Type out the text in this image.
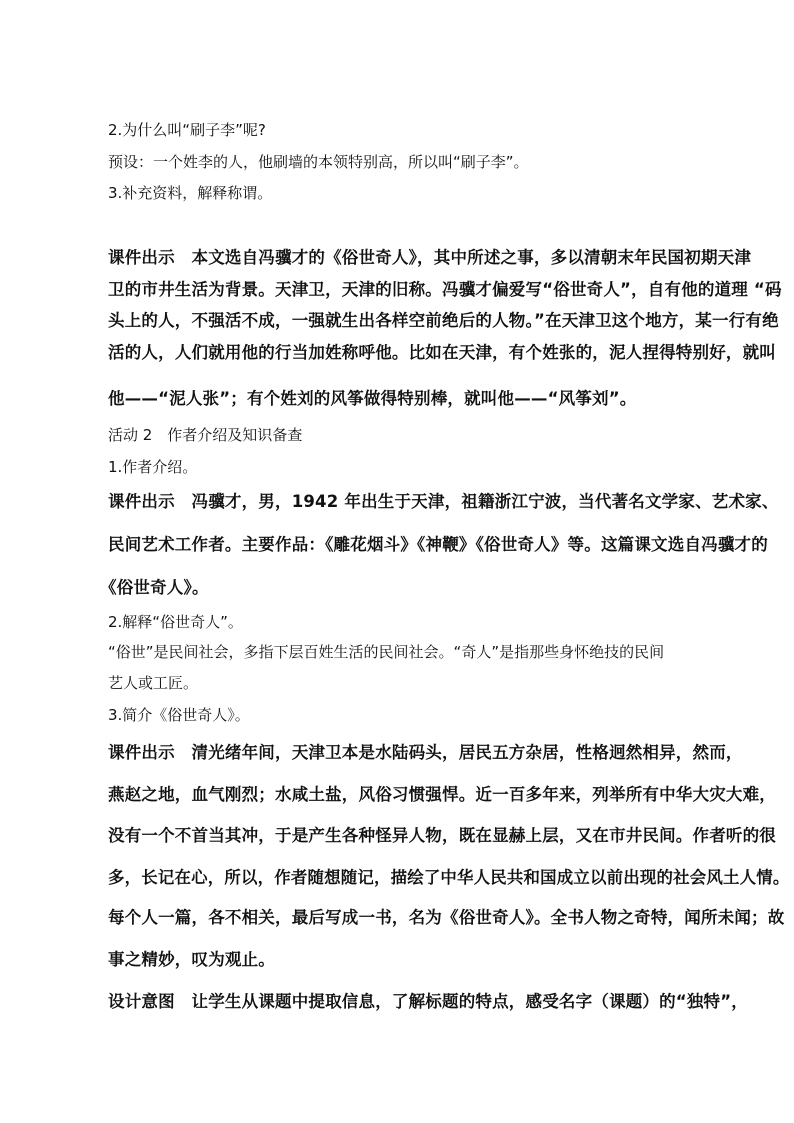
2.为什么叫“刷子李”呢?
预设：一个姓李的人，他刷墙的本领特别高，所以叫“刷子李”。
3.补充资料，解释称谓。
课件出示　本文选自冯骥才的《俗世奇人》，其中所述之事，多以清朝末年民国初期天津
卫的市井生活为背景。天津卫，天津的旧称。冯骥才偏爱写“俗世奇人”，自有他的道理 “码
头上的人，不强活不成，一强就生出各样空前绝后的人物。”在天津卫这个地方，某一行有绝
活的人，人们就用他的行当加姓称呼他。比如在天津，有个姓张的，泥人捏得特别好，就叫
他——“泥人张”；有个姓刘的风筝做得特别棒，就叫他——“风筝刘”。
活动 2　作者介绍及知识备查
1.作者介绍。
课件出示　冯骥才，男，1942 年出生于天津，祖籍浙江宁波，当代著名文学家、艺术家、
民间艺术工作者。主要作品：《雕花烟斗》《神鞭》《俗世奇人》等。这篇课文选自冯骥才的
《俗世奇人》。
2.解释“俗世奇人”。
“俗世”是民间社会，多指下层百姓生活的民间社会。“奇人”是指那些身怀绝技的民间
艺人或工匠。
3.简介《俗世奇人》。
课件出示　清光绪年间，天津卫本是水陆码头，居民五方杂居，性格迥然相异，然而，
燕赵之地，血气刚烈；水咸土盐，风俗习惯强悍。近一百多年来，列举所有中华大灾大难，
没有一个不首当其冲，于是产生各种怪异人物，既在显赫上层，又在市井民间。作者听的很
多，长记在心，所以，作者随想随记，描绘了中华人民共和国成立以前出现的社会风土人情。
每个人一篇，各不相关，最后写成一书，名为《俗世奇人》。全书人物之奇特，闻所未闻；故
事之精妙，叹为观止。
设计意图　让学生从课题中提取信息，了解标题的特点，感受名字（课题）的“独特”，
